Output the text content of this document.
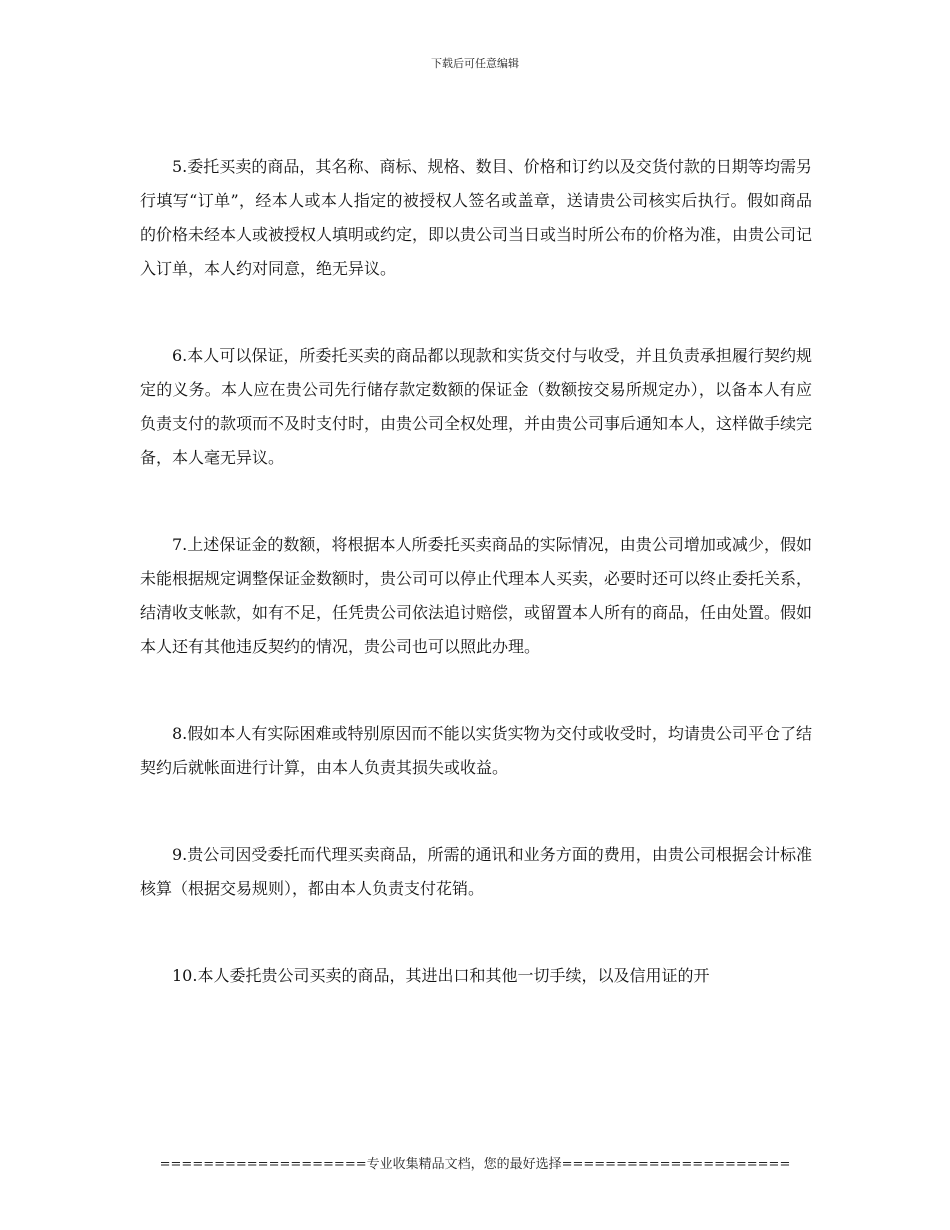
下载后可任意编辑

5.委托买卖的商品，其名称、商标、规格、数目、价格和订约以及交货付款的日期等均需另行填写“订单”，经本人或本人指定的被授权人签名或盖章，送请贵公司核实后执行。假如商品的价格未经本人或被授权人填明或约定，即以贵公司当日或当时所公布的价格为准，由贵公司记入订单，本人约对同意，绝无异议。

6.本人可以保证，所委托买卖的商品都以现款和实货交付与收受，并且负责承担履行契约规定的义务。本人应在贵公司先行储存款定数额的保证金（数额按交易所规定办），以备本人有应负责支付的款项而不及时支付时，由贵公司全权处理，并由贵公司事后通知本人，这样做手续完备，本人毫无异议。

7.上述保证金的数额，将根据本人所委托买卖商品的实际情况，由贵公司增加或减少，假如未能根据规定调整保证金数额时，贵公司可以停止代理本人买卖，必要时还可以终止委托关系，结清收支帐款，如有不足，任凭贵公司依法追讨赔偿，或留置本人所有的商品，任由处置。假如本人还有其他违反契约的情况，贵公司也可以照此办理。

8.假如本人有实际困难或特别原因而不能以实货实物为交付或收受时，均请贵公司平仓了结契约后就帐面进行计算，由本人负责其损失或收益。

9.贵公司因受委托而代理买卖商品，所需的通讯和业务方面的费用，由贵公司根据会计标准核算（根据交易规则），都由本人负责支付花销。

10.本人委托贵公司买卖的商品，其进出口和其他一切手续，以及信用证的开

===================专业收集精品文档，您的最好选择=====================
